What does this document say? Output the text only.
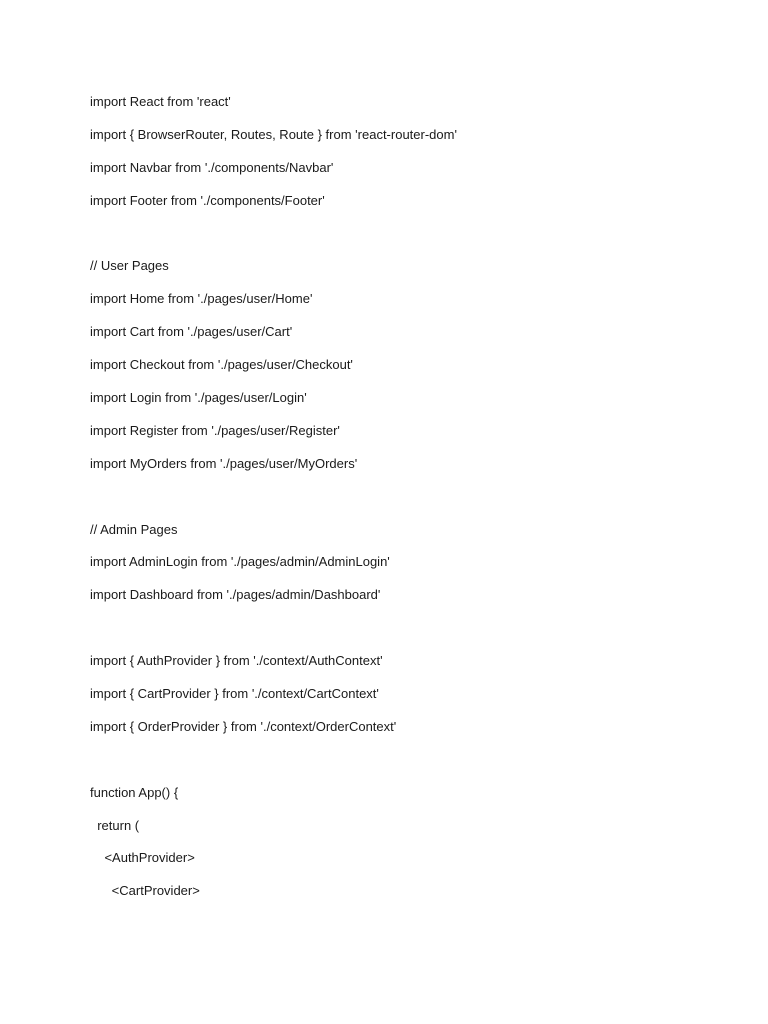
import React from 'react'
import { BrowserRouter, Routes, Route } from 'react-router-dom'
import Navbar from './components/Navbar'
import Footer from './components/Footer'
// User Pages
import Home from './pages/user/Home'
import Cart from './pages/user/Cart'
import Checkout from './pages/user/Checkout'
import Login from './pages/user/Login'
import Register from './pages/user/Register'
import MyOrders from './pages/user/MyOrders'
// Admin Pages
import AdminLogin from './pages/admin/AdminLogin'
import Dashboard from './pages/admin/Dashboard'
import { AuthProvider } from './context/AuthContext'
import { CartProvider } from './context/CartContext'
import { OrderProvider } from './context/OrderContext'
function App() {
return (
<AuthProvider>
<CartProvider>
